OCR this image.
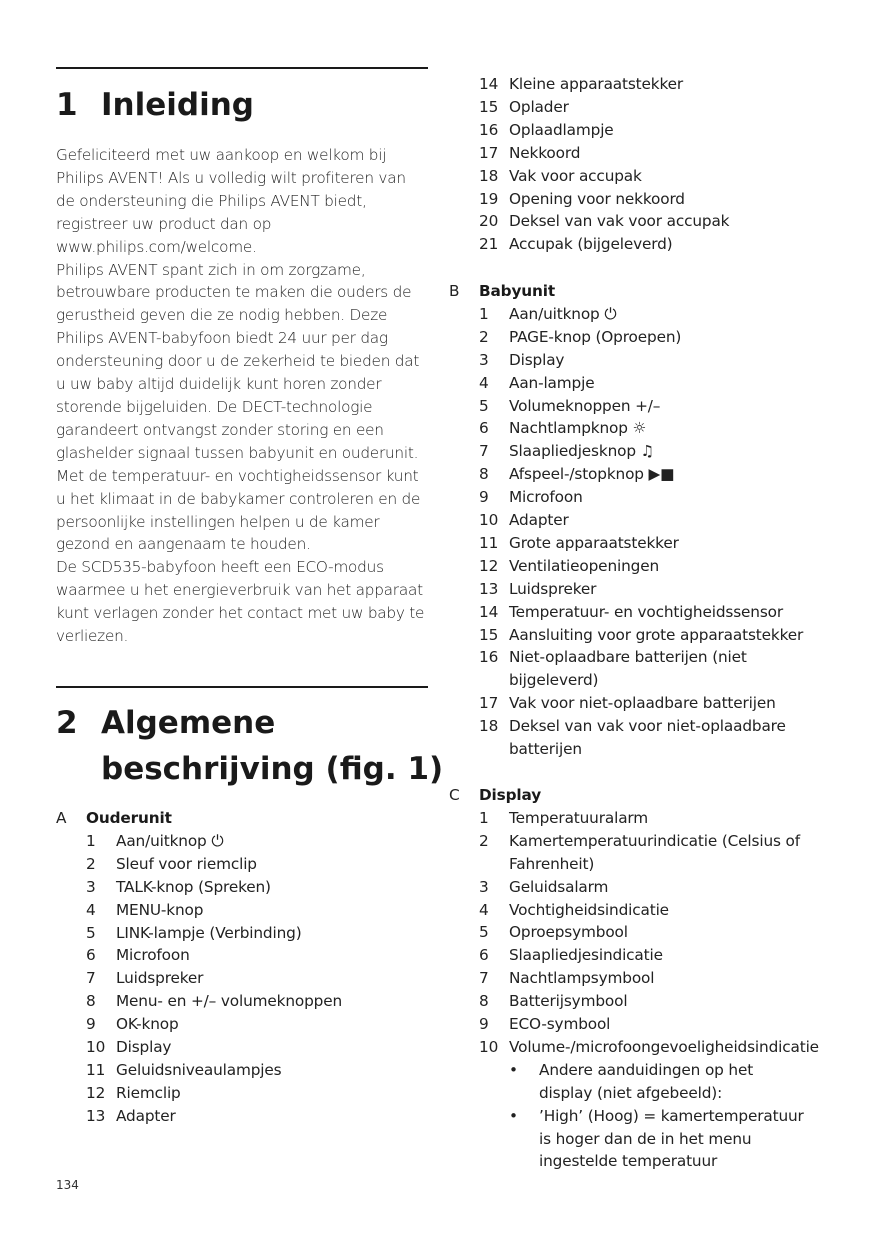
1 Inleiding

Gefeliciteerd met uw aankoop en welkom bij Philips AVENT! Als u volledig wilt profiteren van de ondersteuning die Philips AVENT biedt, registreer uw product dan op www.philips.com/welcome.

Philips AVENT spant zich in om zorgzame, betrouwbare producten te maken die ouders de gerustheid geven die ze nodig hebben. Deze Philips AVENT-babyfoon biedt 24 uur per dag ondersteuning door u de zekerheid te bieden dat u uw baby altijd duidelijk kunt horen zonder storende bijgeluiden. De DECT-technologie garandeert ontvangst zonder storing en een glashelder signaal tussen babyunit en ouderunit. Met de temperatuur- en vochtigheidssensor kunt u het klimaat in de babykamer controleren en de persoonlijke instellingen helpen u de kamer gezond en aangenaam te houden.

De SCD535-babyfoon heeft een ECO-modus waarmee u het energieverbruik van het apparaat kunt verlagen zonder het contact met uw baby te verliezen.

2 Algemene
beschrijving (fig. 1)
A Ouderunit
1	Aan/uitknop ⏻
2	Sleuf voor riemclip
3	TALK-knop (Spreken)
4	MENU-knop
5	LINK-lampje (Verbinding)
6	Microfoon
7	Luidspreker
8	Menu- en +/– volumeknoppen
9	OK-knop
10 Display
11 Geluidsniveaulampjes
12 Riemclip
13 Adapter
134
14 Kleine apparaatstekker
15 Oplader
16 Oplaadlampje
17 Nekkoord
18 Vak voor accupak
19 Opening voor nekkoord
20 Deksel van vak voor accupak
21 Accupak (bijgeleverd)
B Babyunit
1	Aan/uitknop ⏻
2	PAGE-knop (Oproepen)
3	Display
4	Aan-lampje
5	Volumeknoppen +/–
6	Nachtlampknop ☼
7	Slaapliedjesknop ♫
8	Afspeel-/stopknop ▶■
9	Microfoon
10 Adapter
11 Grote apparaatstekker
12 Ventilatieopeningen
13 Luidspreker
14 Temperatuur- en vochtigheidssensor
15 Aansluiting voor grote apparaatstekker
16 Niet-oplaadbare batterijen (niet bijgeleverd)
17 Vak voor niet-oplaadbare batterijen
18 Deksel van vak voor niet-oplaadbare batterijen
C Display
1	Temperatuuralarm
2	Kamertemperatuurindicatie (Celsius of Fahrenheit)
3	Geluidsalarm
4	Vochtigheidsindicatie
5	Oproepsymbool
6	Slaapliedjesindicatie
7	Nachtlampsymbool
8	Batterijsymbool
9	ECO-symbool
10 Volume-/microfoongevoeligheidsindicatie
• Andere aanduidingen op het display (niet afgebeeld):
• ’High’ (Hoog) = kamertemperatuur is hoger dan de in het menu ingestelde temperatuur
